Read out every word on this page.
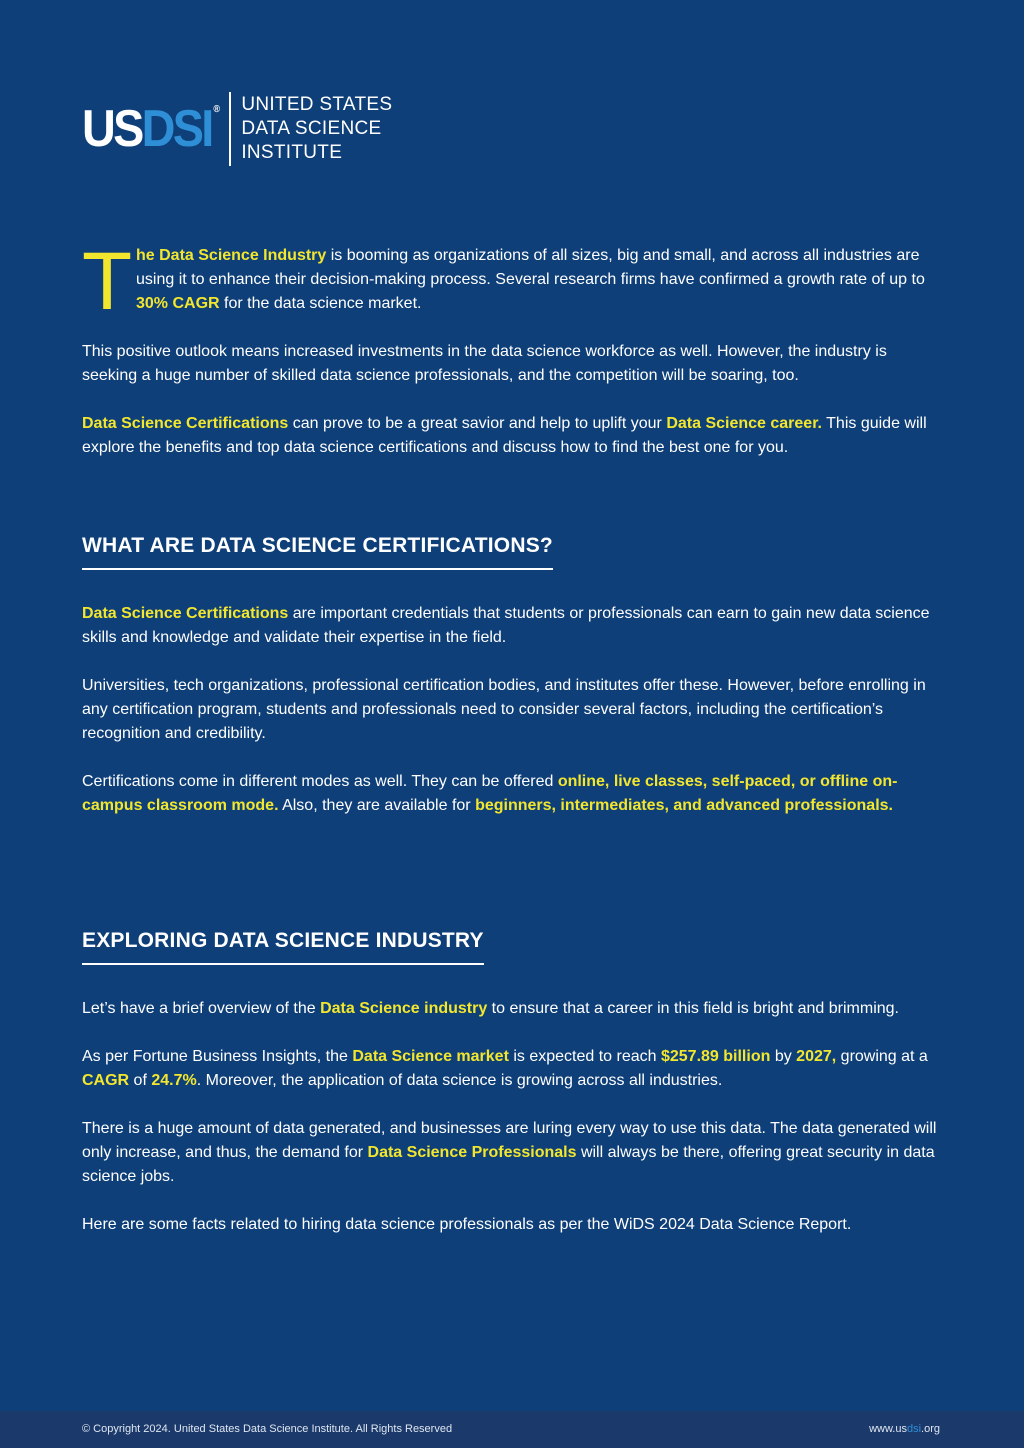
US DSI ® UNITED STATES
DATA SCIENCE
INSTITUTE
T he Data Science Industry is booming as organizations of all sizes, big and small, and across all industries are using it to enhance their decision-making process. Several research firms have confirmed a growth rate of up to 30% CAGR for the data science market.

This positive outlook means increased investments in the data science workforce as well. However, the industry is seeking a huge number of skilled data science professionals, and the competition will be soaring, too.

Data Science Certifications can prove to be a great savior and help to uplift your Data Science career. This guide will explore the benefits and top data science certifications and discuss how to find the best one for you.

WHAT ARE DATA SCIENCE CERTIFICATIONS?

Data Science Certifications are important credentials that students or professionals can earn to gain new data science skills and knowledge and validate their expertise in the field.

Universities, tech organizations, professional certification bodies, and institutes offer these. However, before enrolling in any certification program, students and professionals need to consider several factors, including the certification’s recognition and credibility.

Certifications come in different modes as well. They can be offered online, live classes, self-paced, or offline on-campus classroom mode. Also, they are available for beginners, intermediates, and advanced professionals.

EXPLORING DATA SCIENCE INDUSTRY

Let’s have a brief overview of the Data Science industry to ensure that a career in this field is bright and brimming.

As per Fortune Business Insights, the Data Science market is expected to reach $257.89 billion by 2027, growing at a CAGR of 24.7%. Moreover, the application of data science is growing across all industries.

There is a huge amount of data generated, and businesses are luring every way to use this data. The data generated will only increase, and thus, the demand for Data Science Professionals will always be there, offering great security in data science jobs.

Here are some facts related to hiring data science professionals as per the WiDS 2024 Data Science Report.

© Copyright 2024. United States Data Science Institute. All Rights Reserved	www.usdsi.org
